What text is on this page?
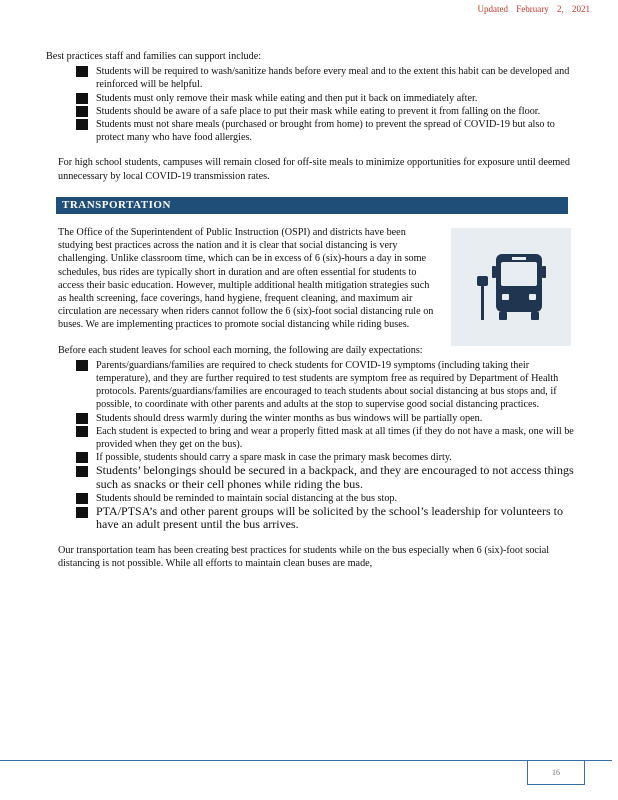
Updated February 2, 2021

Best practices staff and families can support include:

Students will be required to wash/sanitize hands before every meal and to the extent this habit can be developed and reinforced will be helpful.
Students must only remove their mask while eating and then put it back on immediately after.
Students should be aware of a safe place to put their mask while eating to prevent it from falling on the floor.
Students must not share meals (purchased or brought from home) to prevent the spread of COVID-19 but also to protect many who have food allergies.

For high school students, campuses will remain closed for off-site meals to minimize opportunities for exposure until deemed unnecessary by local COVID-19 transmission rates.

TRANSPORTATION

The Office of the Superintendent of Public Instruction (OSPI) and districts have been studying best practices across the nation and it is clear that social distancing is very challenging. Unlike classroom time, which can be in excess of 6 (six)-hours a day in some schedules, bus rides are typically short in duration and are often essential for students to access their basic education. However, multiple additional health mitigation strategies such as health screening, face coverings, hand hygiene, frequent cleaning, and maximum air circulation are necessary when riders cannot follow the 6 (six)-foot social distancing rule on buses. We are implementing practices to promote social distancing while riding buses.

Before each student leaves for school each morning, the following are daily expectations:

Parents/guardians/families are required to check students for COVID-19 symptoms (including taking their temperature), and they are further required to test students are symptom free as required by Department of Health protocols. Parents/guardians/families are encouraged to teach students about social distancing at bus stops and, if possible, to coordinate with other parents and adults at the stop to supervise good social distancing practices.
Students should dress warmly during the winter months as bus windows will be partially open.
Each student is expected to bring and wear a properly fitted mask at all times (if they do not have a mask, one will be provided when they get on the bus).
If possible, students should carry a spare mask in case the primary mask becomes dirty.
Students’ belongings should be secured in a backpack, and they are encouraged to not access things such as snacks or their cell phones while riding the bus.
Students should be reminded to maintain social distancing at the bus stop.
PTA/PTSA’s and other parent groups will be solicited by the school’s leadership for volunteers to have an adult present until the bus arrives.

Our transportation team has been creating best practices for students while on the bus especially when 6 (six)-foot social distancing is not possible. While all efforts to maintain clean buses are made,

16
